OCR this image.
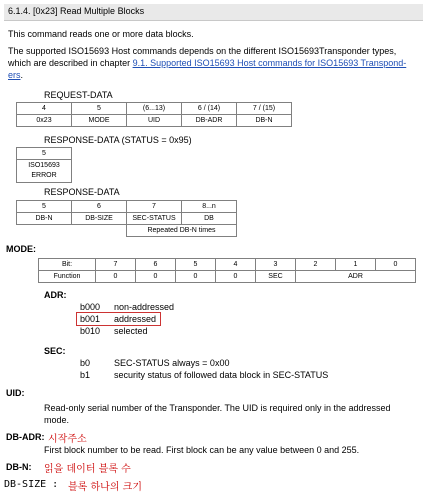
6.1.4. [0x23] Read Multiple Blocks
This command reads one or more data blocks.
The supported ISO15693 Host commands depends on the different ISO15693Transponder types,
which are described in chapter 9.1. Supported ISO15693 Host commands for ISO15693 Transpond-
ers.
REQUEST-DATA
4	5	(6...13)	6 / (14)	7 / (15)
0x23	MODE	UID	DB-ADR	DB-N
RESPONSE-DATA (STATUS = 0x95)
5

ISO15693
ERROR
RESPONSE-DATA
5	6	7	8...n
DB-N	DB-SIZE	SEC-STATUS	DB
		Repeated DB-N times	
MODE:
Bit:	7	6	5	4	3	2	1	0
Function	0	0	0	0	SEC	ADR		
ADR:
b000 non-addressed
b001 addressed
b010 selected
SEC:
b0	SEC-STATUS always = 0x00
b1	security status of followed data block in SEC-STATUS
UID:
Read-only serial number of the Transponder. The UID is required only in the addressed
mode.
DB-ADR: 시작주소
First block number to be read. First block can be any value between 0 and 255.
DB-N: 읽을 데이터 블록 수
DB-SIZE : 블록 하나의 크기
